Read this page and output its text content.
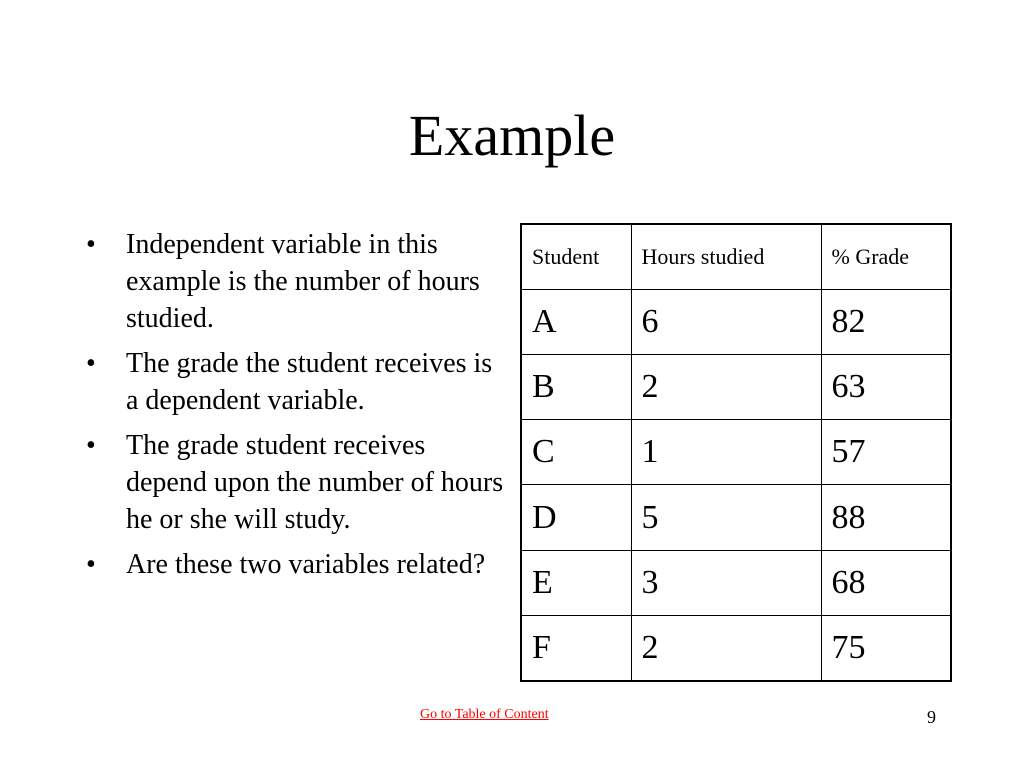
Example
• Independent variable in this example is the number of hours studied.
• The grade the student receives is a dependent variable.
• The grade student receives depend upon the number of hours he or she will study.
• Are these two variables related?
Student	Hours studied	% Grade
A	6	82
B	2	63
C	1	57
D	5	88
E	3	68
F	2	75
Go to Table of Content	9
